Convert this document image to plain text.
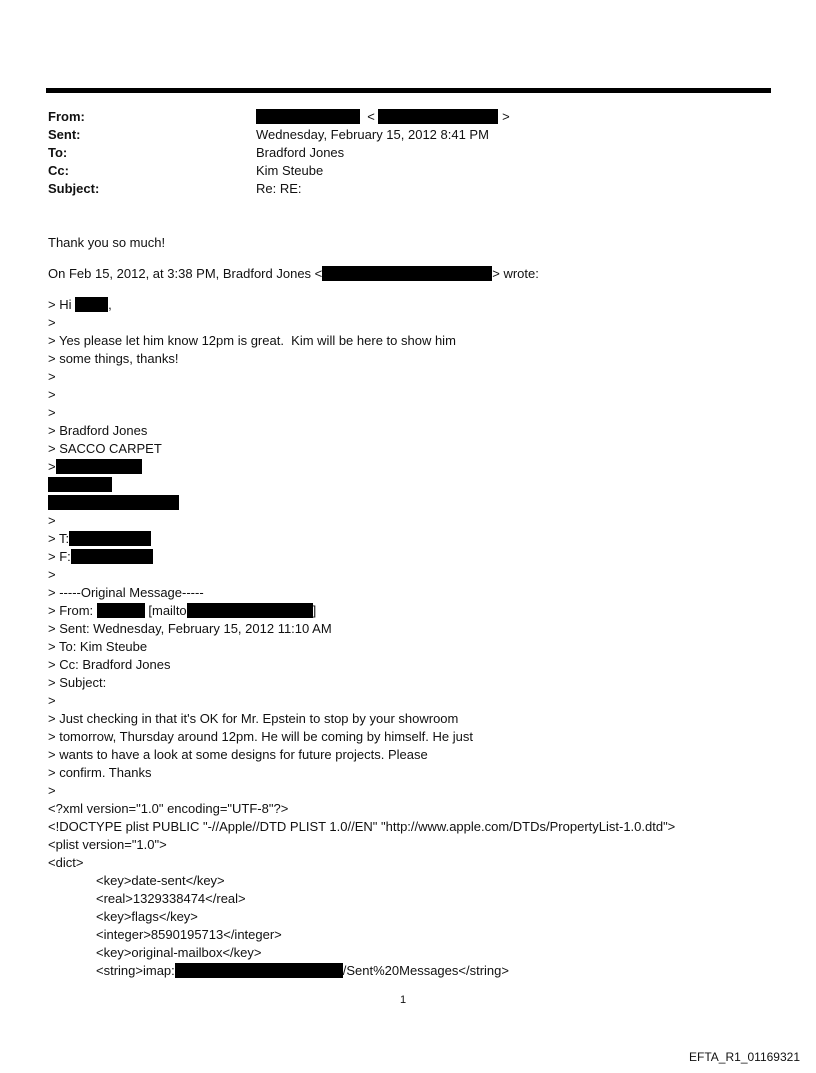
From:	<	>
Sent:	Wednesday, February 15, 2012 8:41 PM
To:	Bradford Jones
Cc:	Kim Steube
Subject:	Re: RE:
Thank you so much!
On Feb 15, 2012, at 3:38 PM, Bradford Jones <	> wrote:
> Hi	,
>
> Yes please let him know 12pm is great.  Kim will be here to show him
> some things, thanks!
>
>
>
> Bradford Jones
> SACCO CARPET
>
>
> T:
> F:
>
> -----Original Message-----
> From:	[mailto	]
> Sent: Wednesday, February 15, 2012 11:10 AM
> To: Kim Steube
> Cc: Bradford Jones
> Subject:
>
> Just checking in that it's OK for Mr. Epstein to stop by your showroom
> tomorrow, Thursday around 12pm. He will be coming by himself. He just
> wants to have a look at some designs for future projects. Please
> confirm. Thanks
>
<?xml version="1.0" encoding="UTF-8"?>
<!DOCTYPE plist PUBLIC "-//Apple//DTD PLIST 1.0//EN" "http://www.apple.com/DTDs/PropertyList-1.0.dtd">
<plist version="1.0">
<dict>
<key>date-sent</key>
<real>1329338474</real>
<key>flags</key>
<integer>8590195713</integer>
<key>original-mailbox</key>
<string>imap:	/Sent%20Messages</string>
1
EFTA_R1_01169321
